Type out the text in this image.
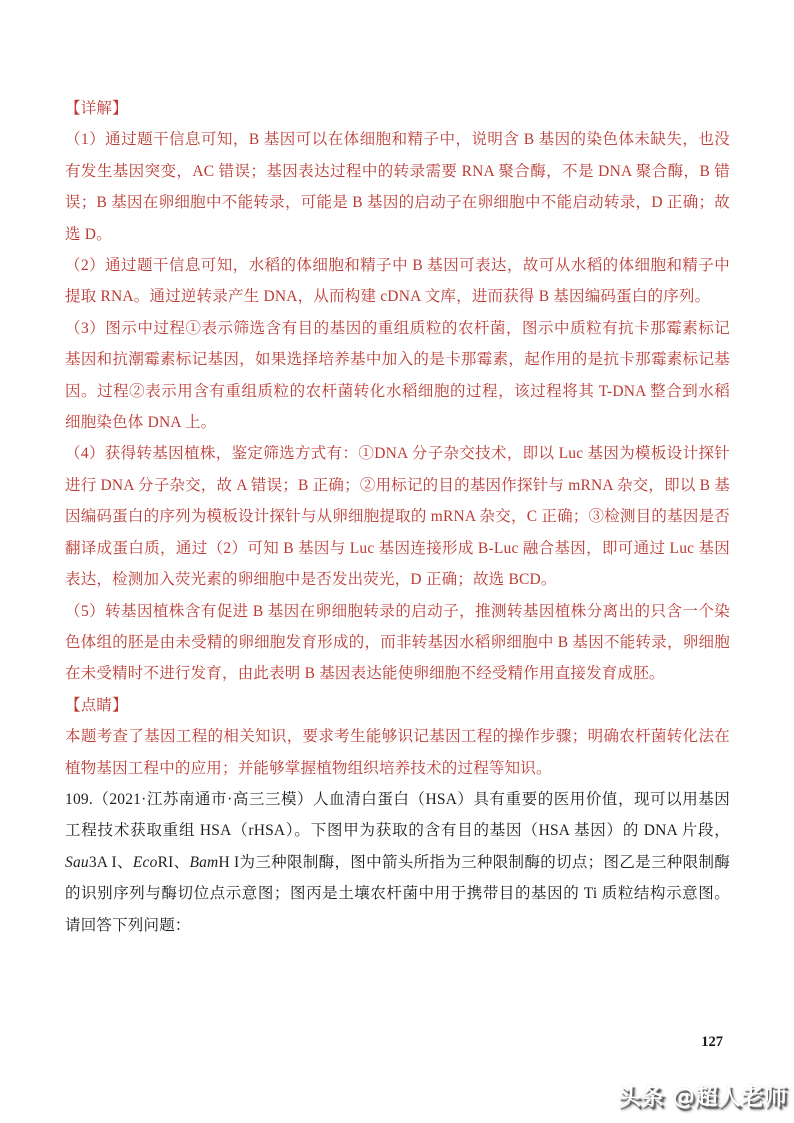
【详解】

（1）通过题干信息可知，B 基因可以在体细胞和精子中，说明含 B 基因的染色体未缺失，也没有发生基因突变，AC 错误；基因表达过程中的转录需要 RNA 聚合酶，不是 DNA 聚合酶，B 错误；B 基因在卵细胞中不能转录，可能是 B 基因的启动子在卵细胞中不能启动转录，D 正确；故选 D。

（2）通过题干信息可知，水稻的体细胞和精子中 B 基因可表达，故可从水稻的体细胞和精子中提取 RNA。通过逆转录产生 DNA，从而构建 cDNA 文库，进而获得 B 基因编码蛋白的序列。

（3）图示中过程①表示筛选含有目的基因的重组质粒的农杆菌，图示中质粒有抗卡那霉素标记基因和抗潮霉素标记基因，如果选择培养基中加入的是卡那霉素，起作用的是抗卡那霉素标记基因。过程②表示用含有重组质粒的农杆菌转化水稻细胞的过程，该过程将其 T-DNA 整合到水稻细胞染色体 DNA 上。

（4）获得转基因植株，鉴定筛选方式有：①DNA 分子杂交技术，即以 Luc 基因为模板设计探针进行 DNA 分子杂交，故 A 错误；B 正确；②用标记的目的基因作探针与 mRNA 杂交，即以 B 基因编码蛋白的序列为模板设计探针与从卵细胞提取的 mRNA 杂交，C 正确；③检测目的基因是否翻译成蛋白质，通过（2）可知 B 基因与 Luc 基因连接形成 B-Luc 融合基因，即可通过 Luc 基因表达，检测加入荧光素的卵细胞中是否发出荧光，D 正确；故选 BCD。

（5）转基因植株含有促进 B 基因在卵细胞转录的启动子，推测转基因植株分离出的只含一个染色体组的胚是由未受精的卵细胞发育形成的，而非转基因水稻卵细胞中 B 基因不能转录，卵细胞在未受精时不进行发育，由此表明 B 基因表达能使卵细胞不经受精作用直接发育成胚。

【点睛】

本题考查了基因工程的相关知识，要求考生能够识记基因工程的操作步骤；明确农杆菌转化法在植物基因工程中的应用；并能够掌握植物组织培养技术的过程等知识。

109.（2021·江苏南通市·高三三模）人血清白蛋白（HSA）具有重要的医用价值，现可以用基因工程技术获取重组 HSA（rHSA）。下图甲为获取的含有目的基因（HSA 基因）的 DNA 片段，Sau3A I、EcoRI、BamH I为三种限制酶，图中箭头所指为三种限制酶的切点；图乙是三种限制酶的识别序列与酶切位点示意图；图丙是土壤农杆菌中用于携带目的基因的 Ti 质粒结构示意图。请回答下列问题：

127
头条 @超人老师
